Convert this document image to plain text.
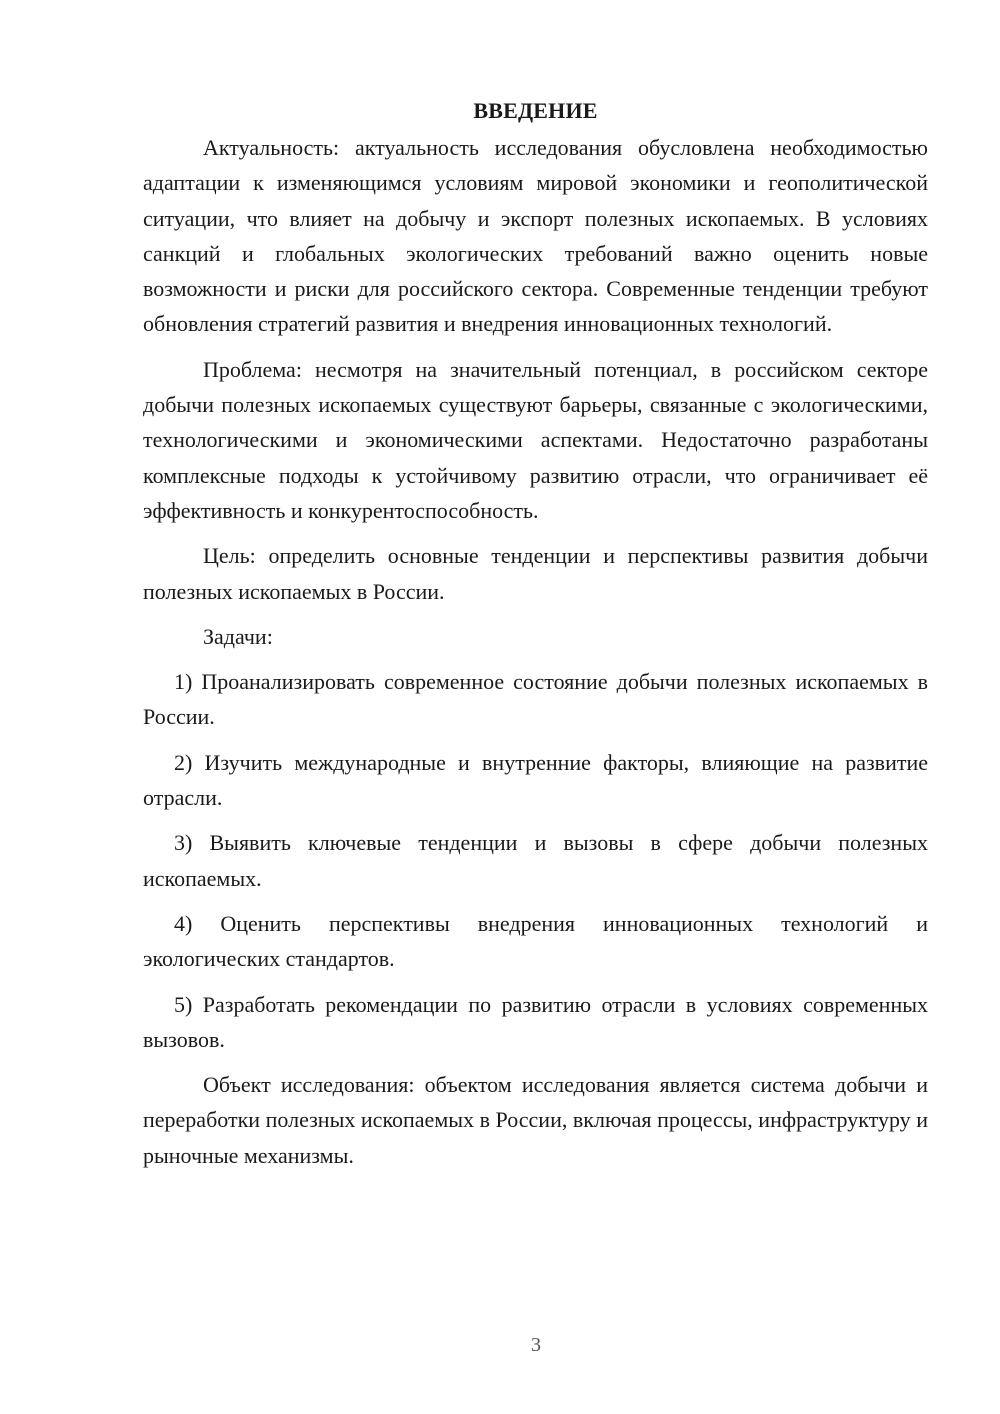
ВВЕДЕНИЕ

Актуальность: актуальность исследования обусловлена необходимостью адаптации к изменяющимся условиям мировой экономики и геополитической ситуации, что влияет на добычу и экспорт полезных ископаемых. В условиях санкций и глобальных экологических требований важно оценить новые возможности и риски для российского сектора. Современные тенденции требуют обновления стратегий развития и внедрения инновационных технологий.

Проблема: несмотря на значительный потенциал, в российском секторе добычи полезных ископаемых существуют барьеры, связанные с экологическими, технологическими и экономическими аспектами. Недостаточно разработаны комплексные подходы к устойчивому развитию отрасли, что ограничивает её эффективность и конкурентоспособность.

Цель: определить основные тенденции и перспективы развития добычи полезных ископаемых в России.

Задачи:

1) Проанализировать современное состояние добычи полезных ископаемых в России.

2) Изучить международные и внутренние факторы, влияющие на развитие отрасли.

3) Выявить ключевые тенденции и вызовы в сфере добычи полезных ископаемых.

4) Оценить перспективы внедрения инновационных технологий и экологических стандартов.

5) Разработать рекомендации по развитию отрасли в условиях современных вызовов.

Объект исследования: объектом исследования является система добычи и переработки полезных ископаемых в России, включая процессы, инфраструктуру и рыночные механизмы.

3
